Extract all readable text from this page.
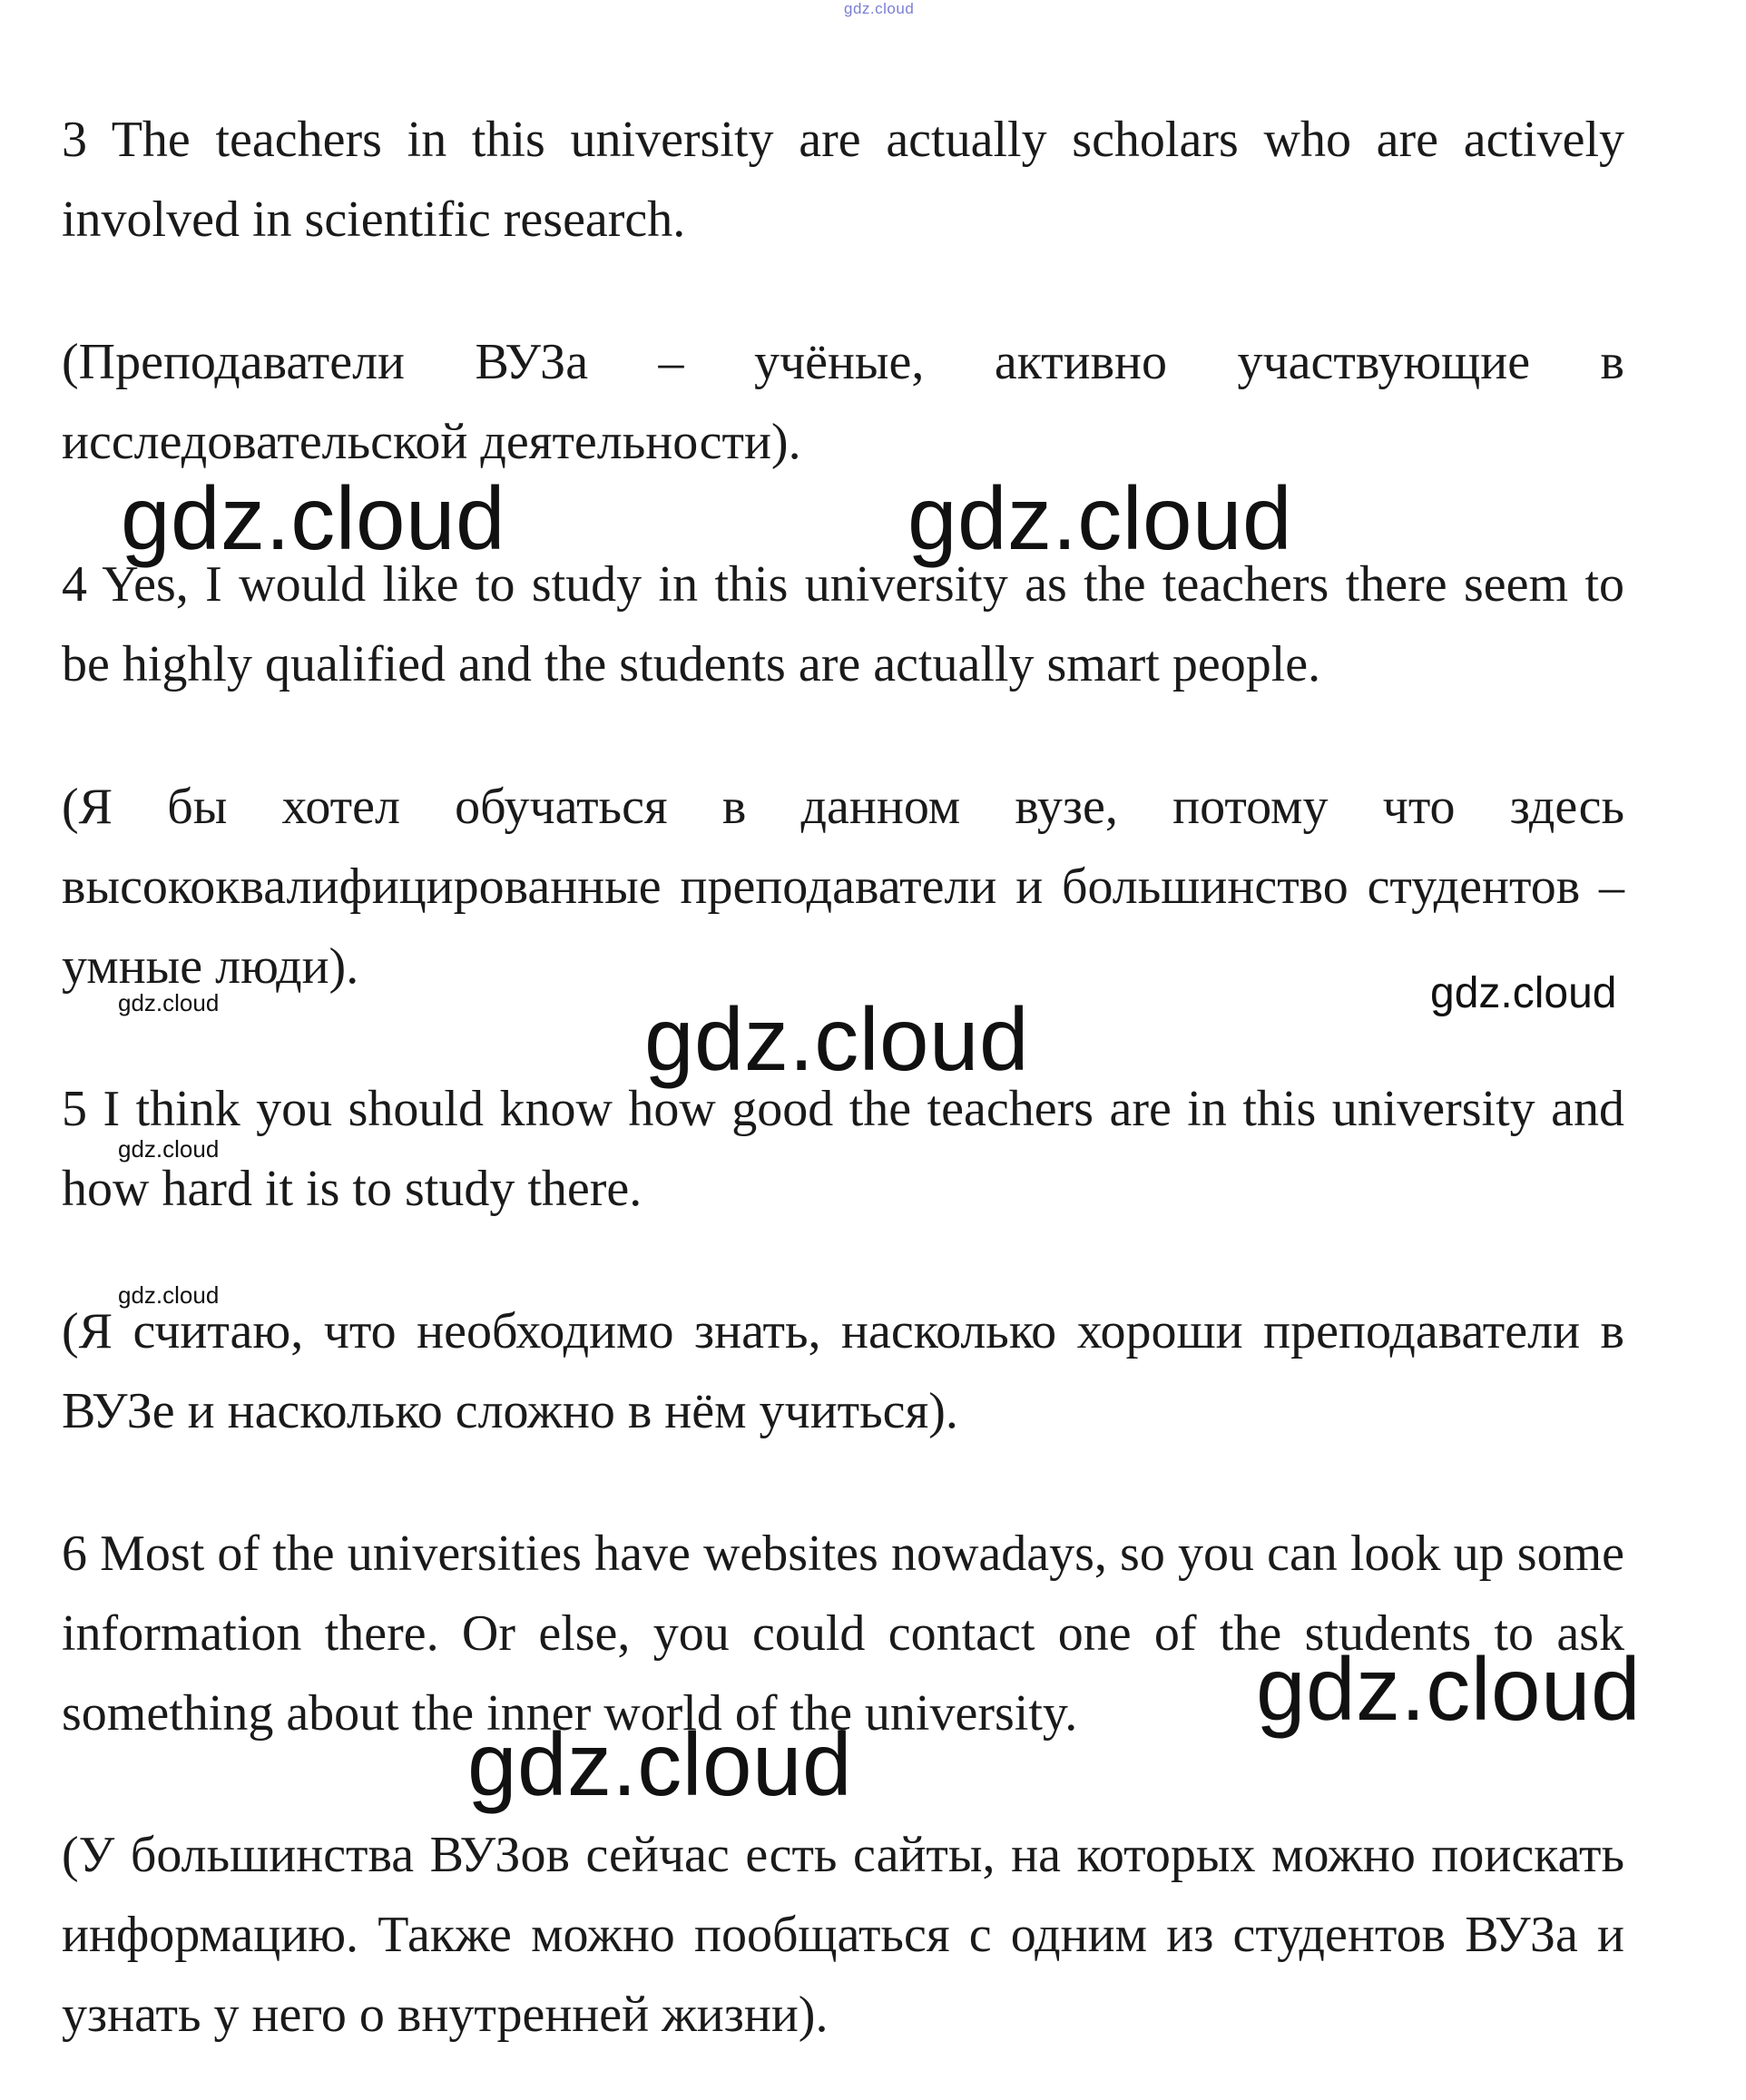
gdz.cloud

3 The teachers in this university are actually scholars who are actively involved in scientific research.

(Преподаватели ВУЗа – учёные, активно участвующие в исследовательской деятельности).

4 Yes, I would like to study in this university as the teachers there seem to be highly qualified and the students are actually smart people.

(Я бы хотел обучаться в данном вузе, потому что здесь высококвалифицированные преподаватели и большинство студентов – умные люди).

5 I think you should know how good the teachers are in this university and how hard it is to study there.

(Я считаю, что необходимо знать, насколько хороши преподаватели в ВУЗе и насколько сложно в нём учиться).

6 Most of the universities have websites nowadays, so you can look up some information there. Or else, you could contact one of the students to ask something about the inner world of the university.

(У большинства ВУЗов сейчас есть сайты, на которых можно поискать информацию. Также можно пообщаться с одним из студентов ВУЗа и узнать у него о внутренней жизни).

gdz.cloud	gdz.cloud
gdz.cloud	gdz.cloud
gdz.cloud
gdz.cloud
gdz.cloud
gdz.cloud
gdz.cloud
